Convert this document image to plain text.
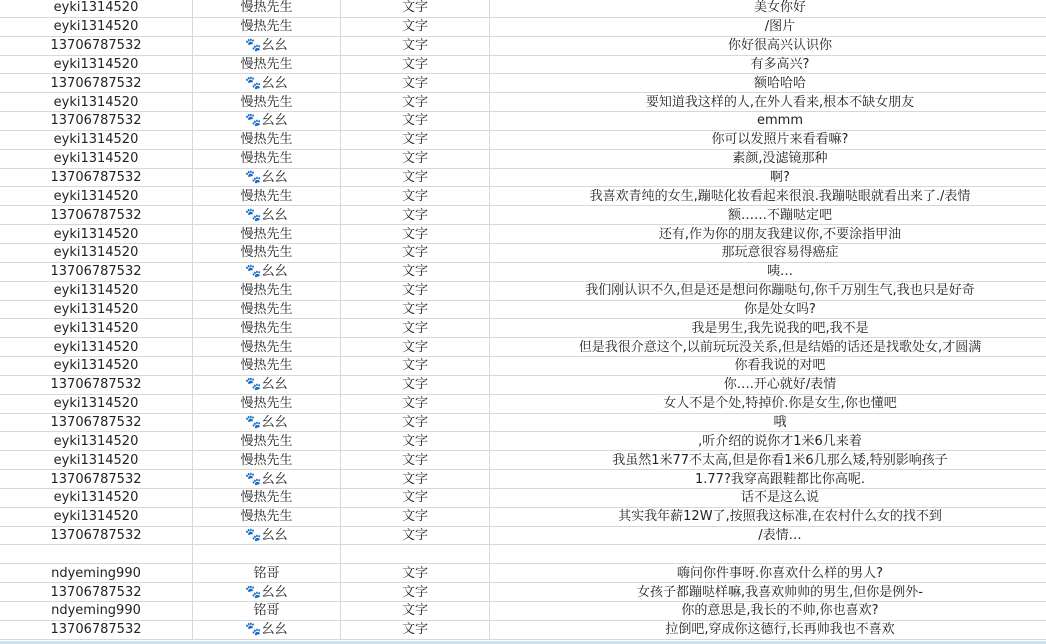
eyki1314520	慢热先生	文字	美女你好
eyki1314520	慢热先生	文字	/图片
13706787532	🐾幺幺	文字	你好很高兴认识你
eyki1314520	慢热先生	文字	有多高兴?
13706787532	🐾幺幺	文字	额哈哈哈
eyki1314520	慢热先生	文字	要知道我这样的人,在外人看来,根本不缺女朋友
13706787532	🐾幺幺	文字	emmm
eyki1314520	慢热先生	文字	你可以发照片来看看嘛?
eyki1314520	慢热先生	文字	素颜,没滤镜那种
13706787532	🐾幺幺	文字	啊?
eyki1314520	慢热先生	文字	我喜欢青纯的女生,蹦哒化妆看起来很浪.我蹦哒眼就看出来了./表情
13706787532	🐾幺幺	文字	额……不蹦哒定吧
eyki1314520	慢热先生	文字	还有,作为你的朋友我建议你,不要涂指甲油
eyki1314520	慢热先生	文字	那玩意很容易得癌症
13706787532	🐾幺幺	文字	咦…
eyki1314520	慢热先生	文字	我们刚认识不久,但是还是想问你蹦哒句,你千万别生气,我也只是好奇
eyki1314520	慢热先生	文字	你是处女吗?
eyki1314520	慢热先生	文字	我是男生,我先说我的吧,我不是
eyki1314520	慢热先生	文字	但是我很介意这个,以前玩玩没关系,但是结婚的话还是找歌处女,才圆满
eyki1314520	慢热先生	文字	你看我说的对吧
13706787532	🐾幺幺	文字	你….开心就好/表情
eyki1314520	慢热先生	文字	女人不是个处,特掉价.你是女生,你也懂吧
13706787532	🐾幺幺	文字	哦
eyki1314520	慢热先生	文字	,听介绍的说你才1米6几来着
eyki1314520	慢热先生	文字	我虽然1米77不太高,但是你看1米6几那么矮,特别影响孩子
13706787532	🐾幺幺	文字	1.77?我穿高跟鞋都比你高呢.
eyki1314520	慢热先生	文字	话不是这么说
eyki1314520	慢热先生	文字	其实我年薪12W了,按照我这标准,在农村什么女的找不到
13706787532	🐾幺幺	文字	/表情…
ndyeming990	铭哥	文字	嗨问你件事呀.你喜欢什么样的男人?
13706787532	🐾幺幺	文字	女孩子都蹦哒样嘛,我喜欢帅帅的男生,但你是例外-
ndyeming990	铭哥	文字	你的意思是,我长的不帅,你也喜欢?
13706787532	🐾幺幺	文字	拉倒吧,穿成你这德行,长再帅我也不喜欢
